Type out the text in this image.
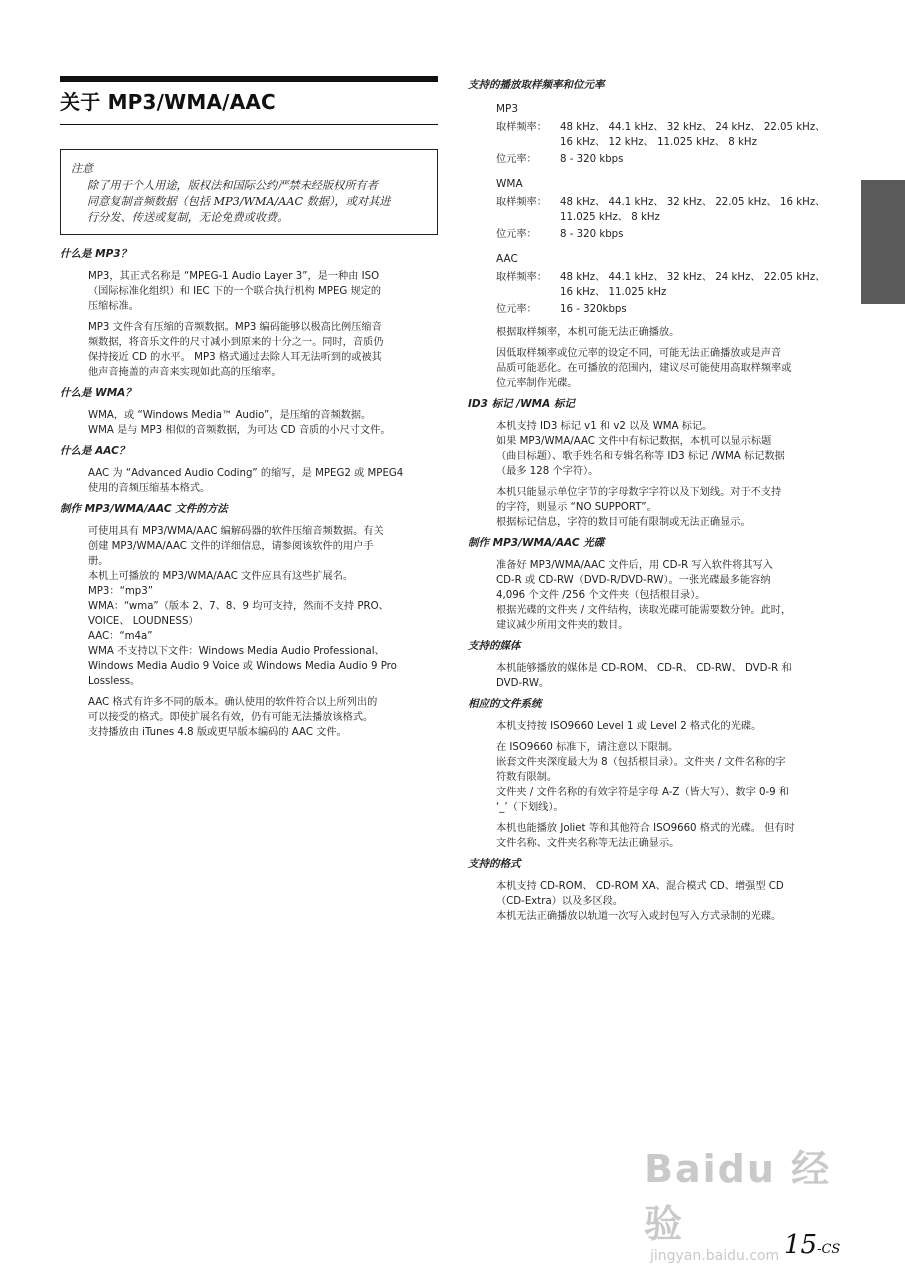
关于 MP3/WMA/AAC
注意
除了用于个人用途，版权法和国际公约严禁未经版权所有者
同意复制音频数据（包括 MP3/WMA/AAC 数据），或对其进
行分发、传送或复制，无论免费或收费。
什么是 MP3？
MP3，其正式名称是 “MPEG-1 Audio Layer 3”，是一种由 ISO
（国际标准化组织）和 IEC 下的一个联合执行机构 MPEG 规定的
压缩标准。
MP3 文件含有压缩的音频数据。MP3 编码能够以极高比例压缩音
频数据，将音乐文件的尺寸减小到原来的十分之一。同时，音质仍
保持接近 CD 的水平。 MP3 格式通过去除人耳无法听到的或被其
他声音掩盖的声音来实现如此高的压缩率。
什么是 WMA？
WMA，或 “Windows Media™ Audio”，是压缩的音频数据。
WMA 是与 MP3 相似的音频数据，为可达 CD 音质的小尺寸文件。
什么是 AAC？
AAC 为 “Advanced Audio Coding” 的缩写，是 MPEG2 或 MPEG4
使用的音频压缩基本格式。
制作 MP3/WMA/AAC 文件的方法
可使用具有 MP3/WMA/AAC 编解码器的软件压缩音频数据。有关
创建 MP3/WMA/AAC 文件的详细信息，请参阅该软件的用户手
册。
本机上可播放的 MP3/WMA/AAC 文件应具有这些扩展名。
MP3：“mp3”
WMA：“wma”（版本 2、7、8、9 均可支持，然而不支持 PRO、
VOICE、 LOUDNESS）
AAC：“m4a”
WMA 不支持以下文件：Windows Media Audio Professional、
Windows Media Audio 9 Voice 或 Windows Media Audio 9 Pro
Lossless。
AAC 格式有许多不同的版本。确认使用的软件符合以上所列出的
可以接受的格式。即使扩展名有效，仍有可能无法播放该格式。
支持播放由 iTunes 4.8 版或更早版本编码的 AAC 文件。
支持的播放取样频率和位元率
MP3
取样频率：	48 kHz、 44.1 kHz、 32 kHz、 24 kHz、 22.05 kHz、
16 kHz、 12 kHz、 11.025 kHz、 8 kHz
位元率：	8 - 320 kbps
WMA
取样频率：	48 kHz、 44.1 kHz、 32 kHz、 22.05 kHz、 16 kHz、
11.025 kHz、 8 kHz
位元率：	8 - 320 kbps
AAC
取样频率：	48 kHz、 44.1 kHz、 32 kHz、 24 kHz、 22.05 kHz、
16 kHz、 11.025 kHz
位元率：	16 - 320kbps
根据取样频率，本机可能无法正确播放。
因低取样频率或位元率的设定不同，可能无法正确播放或是声音
品质可能恶化。在可播放的范围内，建议尽可能使用高取样频率或
位元率制作光碟。
ID3 标记 /WMA 标记
本机支持 ID3 标记 v1 和 v2 以及 WMA 标记。
如果 MP3/WMA/AAC 文件中有标记数据，本机可以显示标题
（曲目标题）、歌手姓名和专辑名称等 ID3 标记 /WMA 标记数据
（最多 128 个字符）。
本机只能显示单位字节的字母数字字符以及下划线。对于不支持
的字符，则显示 “NO SUPPORT”。
根据标记信息，字符的数目可能有限制或无法正确显示。
制作 MP3/WMA/AAC 光碟
准备好 MP3/WMA/AAC 文件后，用 CD-R 写入软件将其写入
CD-R 或 CD-RW（DVD-R/DVD-RW）。一张光碟最多能容纳
4,096 个文件 /256 个文件夹（包括根目录）。
根据光碟的文件夹 / 文件结构，读取光碟可能需要数分钟。此时，
建议减少所用文件夹的数目。
支持的媒体
本机能够播放的媒体是 CD-ROM、 CD-R、 CD-RW、 DVD-R 和
DVD-RW。
相应的文件系统
本机支持按 ISO9660 Level 1 或 Level 2 格式化的光碟。
在 ISO9660 标准下，请注意以下限制。
嵌套文件夹深度最大为 8（包括根目录）。文件夹 / 文件名称的字
符数有限制。
文件夹 / 文件名称的有效字符是字母 A-Z（皆大写）、数字 0-9 和
‘_’（下划线）。
本机也能播放 Joliet 等和其他符合 ISO9660 格式的光碟。 但有时
文件名称、文件夹名称等无法正确显示。
支持的格式
本机支持 CD-ROM、 CD-ROM XA、混合模式 CD、增强型 CD
（CD-Extra）以及多区段。
本机无法正确播放以轨道一次写入或封包写入方式录制的光碟。
Baidu 经验
jingyan.baidu.com 15-CS
